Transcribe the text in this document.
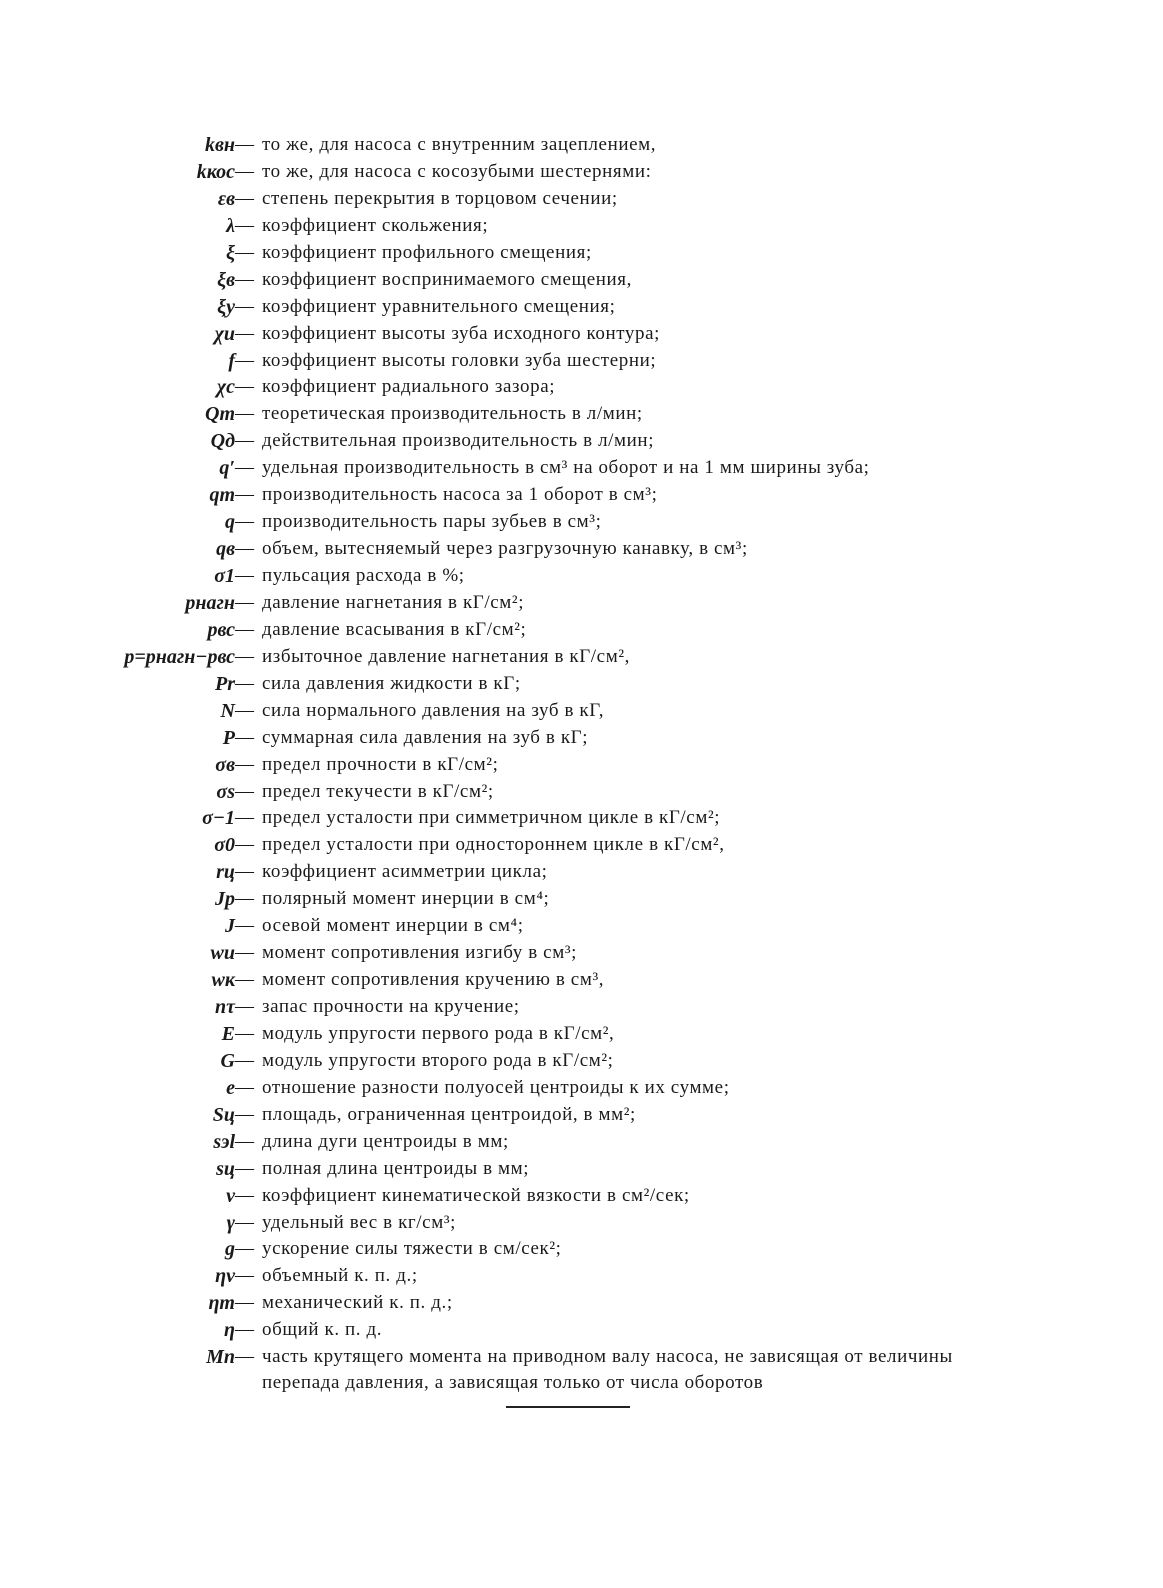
kвн — то же, для насоса с внутренним зацеплением,
kкос — то же, для насоса с косозубыми шестернями:
εв — степень перекрытия в торцовом сечении;
λ — коэффициент скольжения;
ξ — коэффициент профильного смещения;
ξв — коэффициент воспринимаемого смещения,
ξу — коэффициент уравнительного смещения;
χи — коэффициент высоты зуба исходного контура;
f — коэффициент высоты головки зуба шестерни;
χс — коэффициент радиального зазора;
Qт — теоретическая производительность в л/мин;
Qд — действительная производительность в л/мин;
q′ — удельная производительность в см³ на оборот и на 1 мм ширины зуба;
qт — производительность насоса за 1 оборот в см³;
q — производительность пары зубьев в см³;
qв — объем, вытесняемый через разгрузочную канавку, в см³;
σ1 — пульсация расхода в %;
pнагн — давление нагнетания в кГ/см²;
pвс — давление всасывания в кГ/см²;
p=pнагн−pвс — избыточное давление нагнетания в кГ/см²,
Pr — сила давления жидкости в кГ;
N — сила нормального давления на зуб в кГ,
P — суммарная сила давления на зуб в кГ;
σв — предел прочности в кГ/см²;
σs — предел текучести в кГ/см²;
σ−1 — предел усталости при симметричном цикле в кГ/см²;
σ0 — предел усталости при одностороннем цикле в кГ/см²,
rц — коэффициент асимметрии цикла;
Jp — полярный момент инерции в см⁴;
J — осевой момент инерции в см⁴;
wи — момент сопротивления изгибу в см³;
wк — момент сопротивления кручению в см³,
nτ — запас прочности на кручение;
E — модуль упругости первого рода в кГ/см²,
G — модуль упругости второго рода в кГ/см²;
e — отношение разности полуосей центроиды к их сумме;
Sц — площадь, ограниченная центроидой, в мм²;
sэl — длина дуги центроиды в мм;
sц — полная длина центроиды в мм;
ν — коэффициент кинематической вязкости в см²/сек;
γ — удельный вес в кг/см³;
g — ускорение силы тяжести в см/сек²;
ηv — объемный к. п. д.;
ηm — механический к. п. д.;
η — общий к. п. д.
Mп — часть крутящего момента на приводном валу насоса, не зависящая от величины перепада давления, а зависящая только от числа оборотов
